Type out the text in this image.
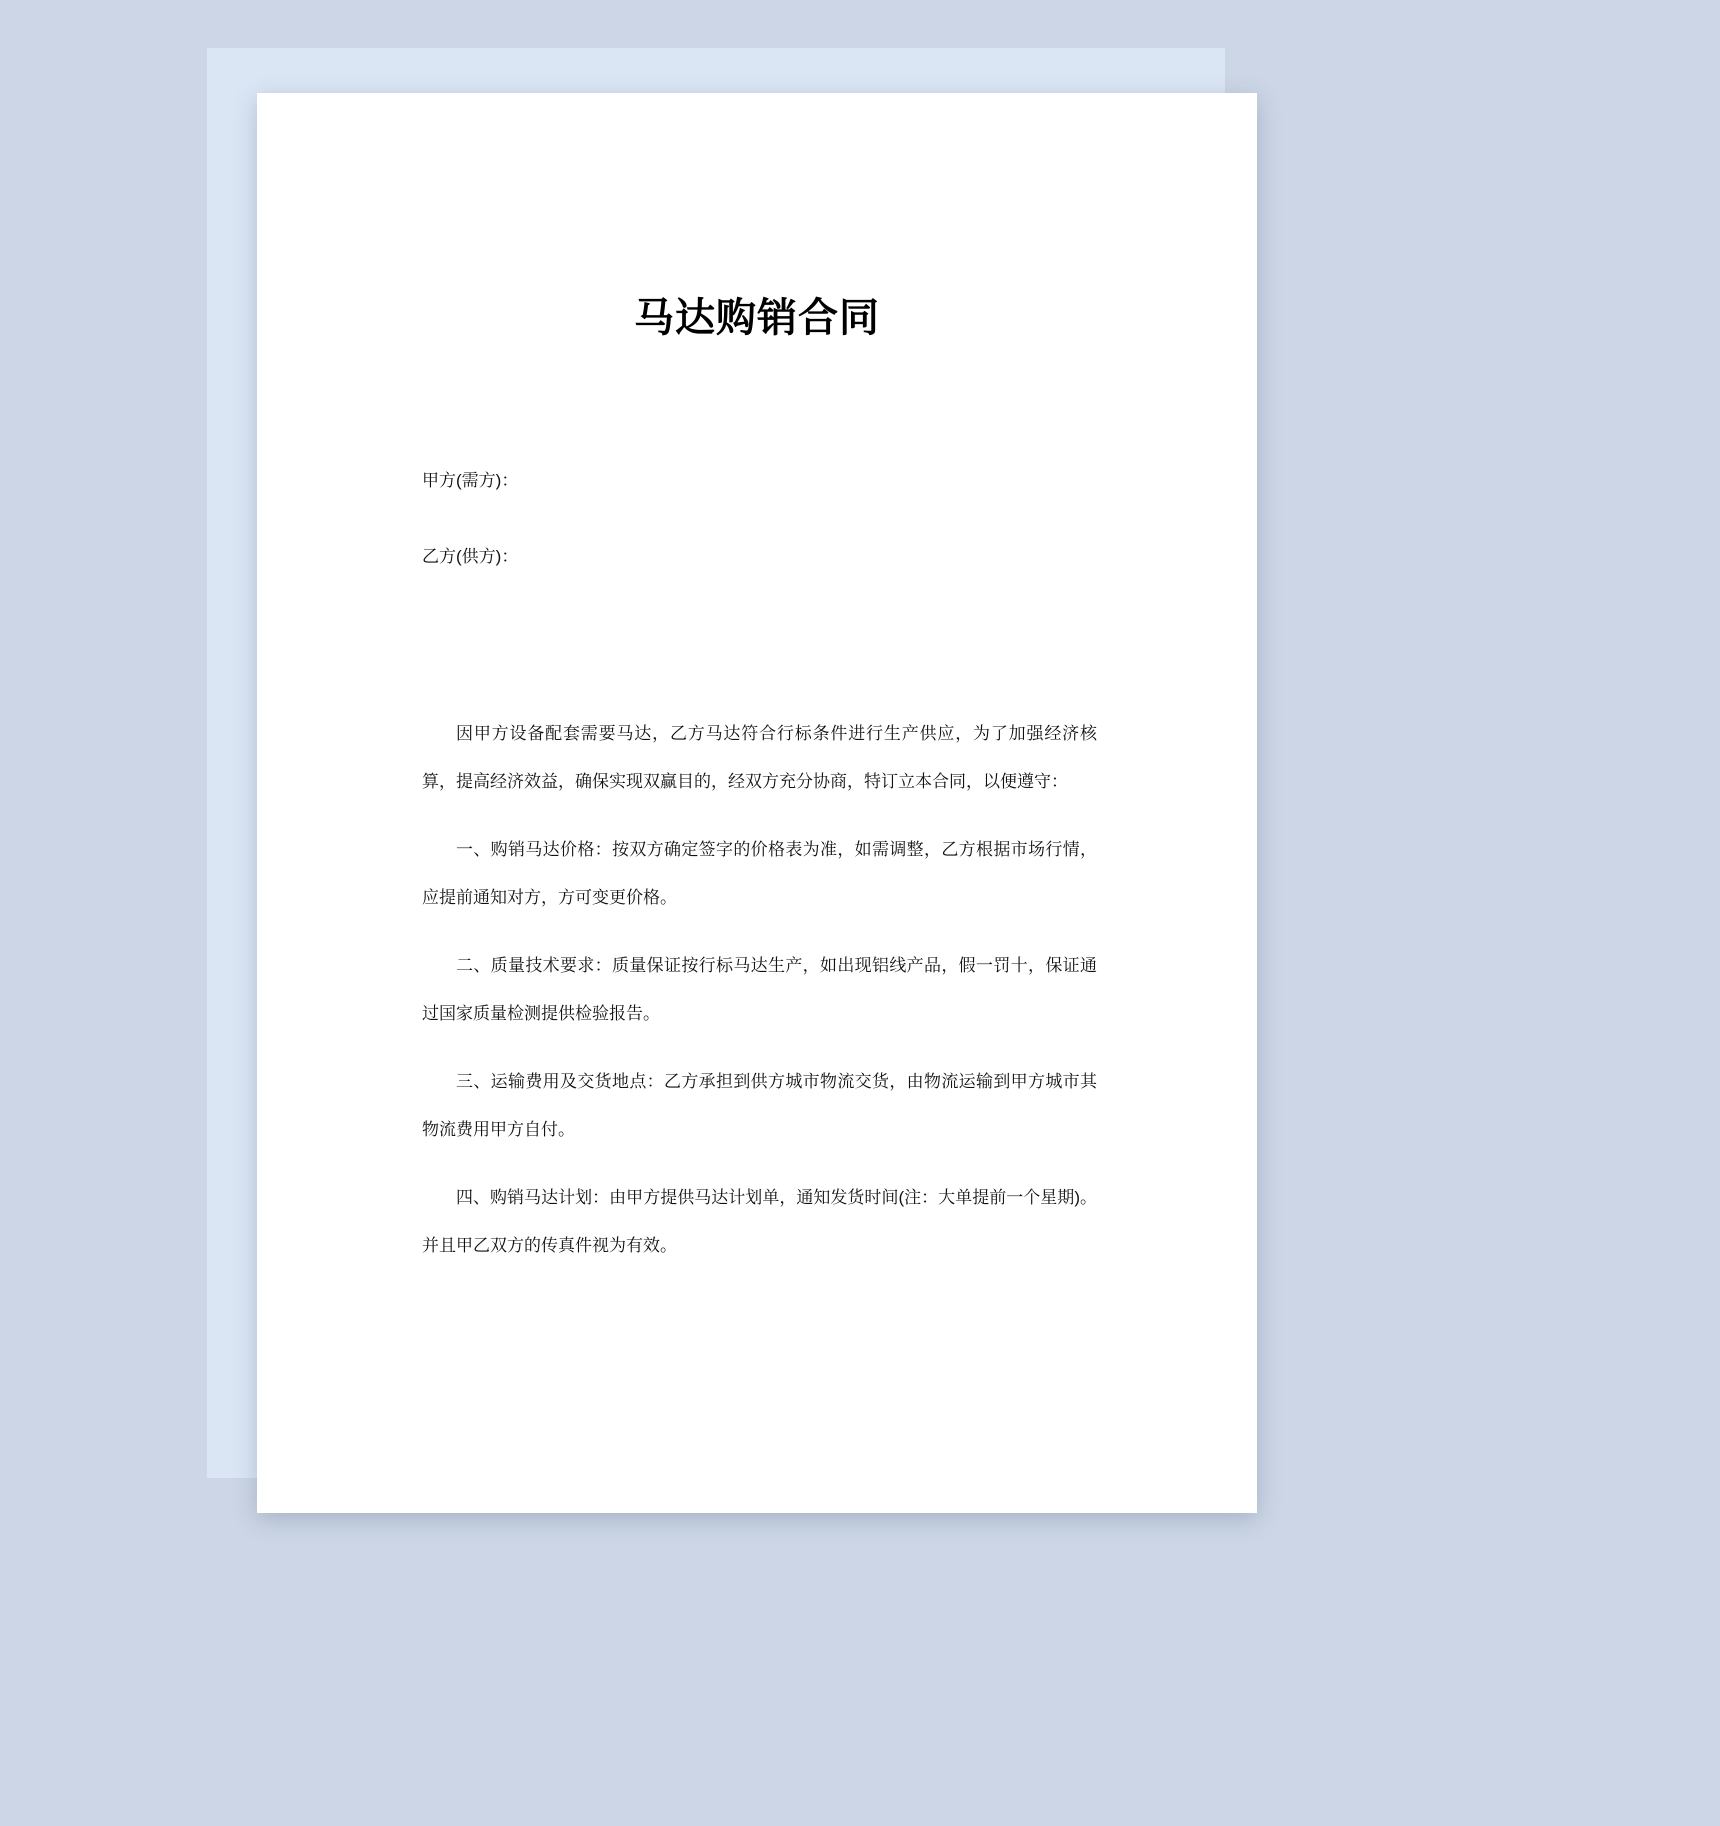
马达购销合同

甲方(需方)：

乙方(供方)：

因甲方设备配套需要马达，乙方马达符合行标条件进行生产供应，为了加强经济核算，提高经济效益，确保实现双赢目的，经双方充分协商，特订立本合同，以便遵守：

一、购销马达价格：按双方确定签字的价格表为准，如需调整，乙方根据市场行情，应提前通知对方，方可变更价格。

二、质量技术要求：质量保证按行标马达生产，如出现铝线产品，假一罚十，保证通过国家质量检测提供检验报告。

三、运输费用及交货地点：乙方承担到供方城市物流交货，由物流运输到甲方城市其物流费用甲方自付。

四、购销马达计划：由甲方提供马达计划单，通知发货时间(注：大单提前一个星期)。并且甲乙双方的传真件视为有效。
